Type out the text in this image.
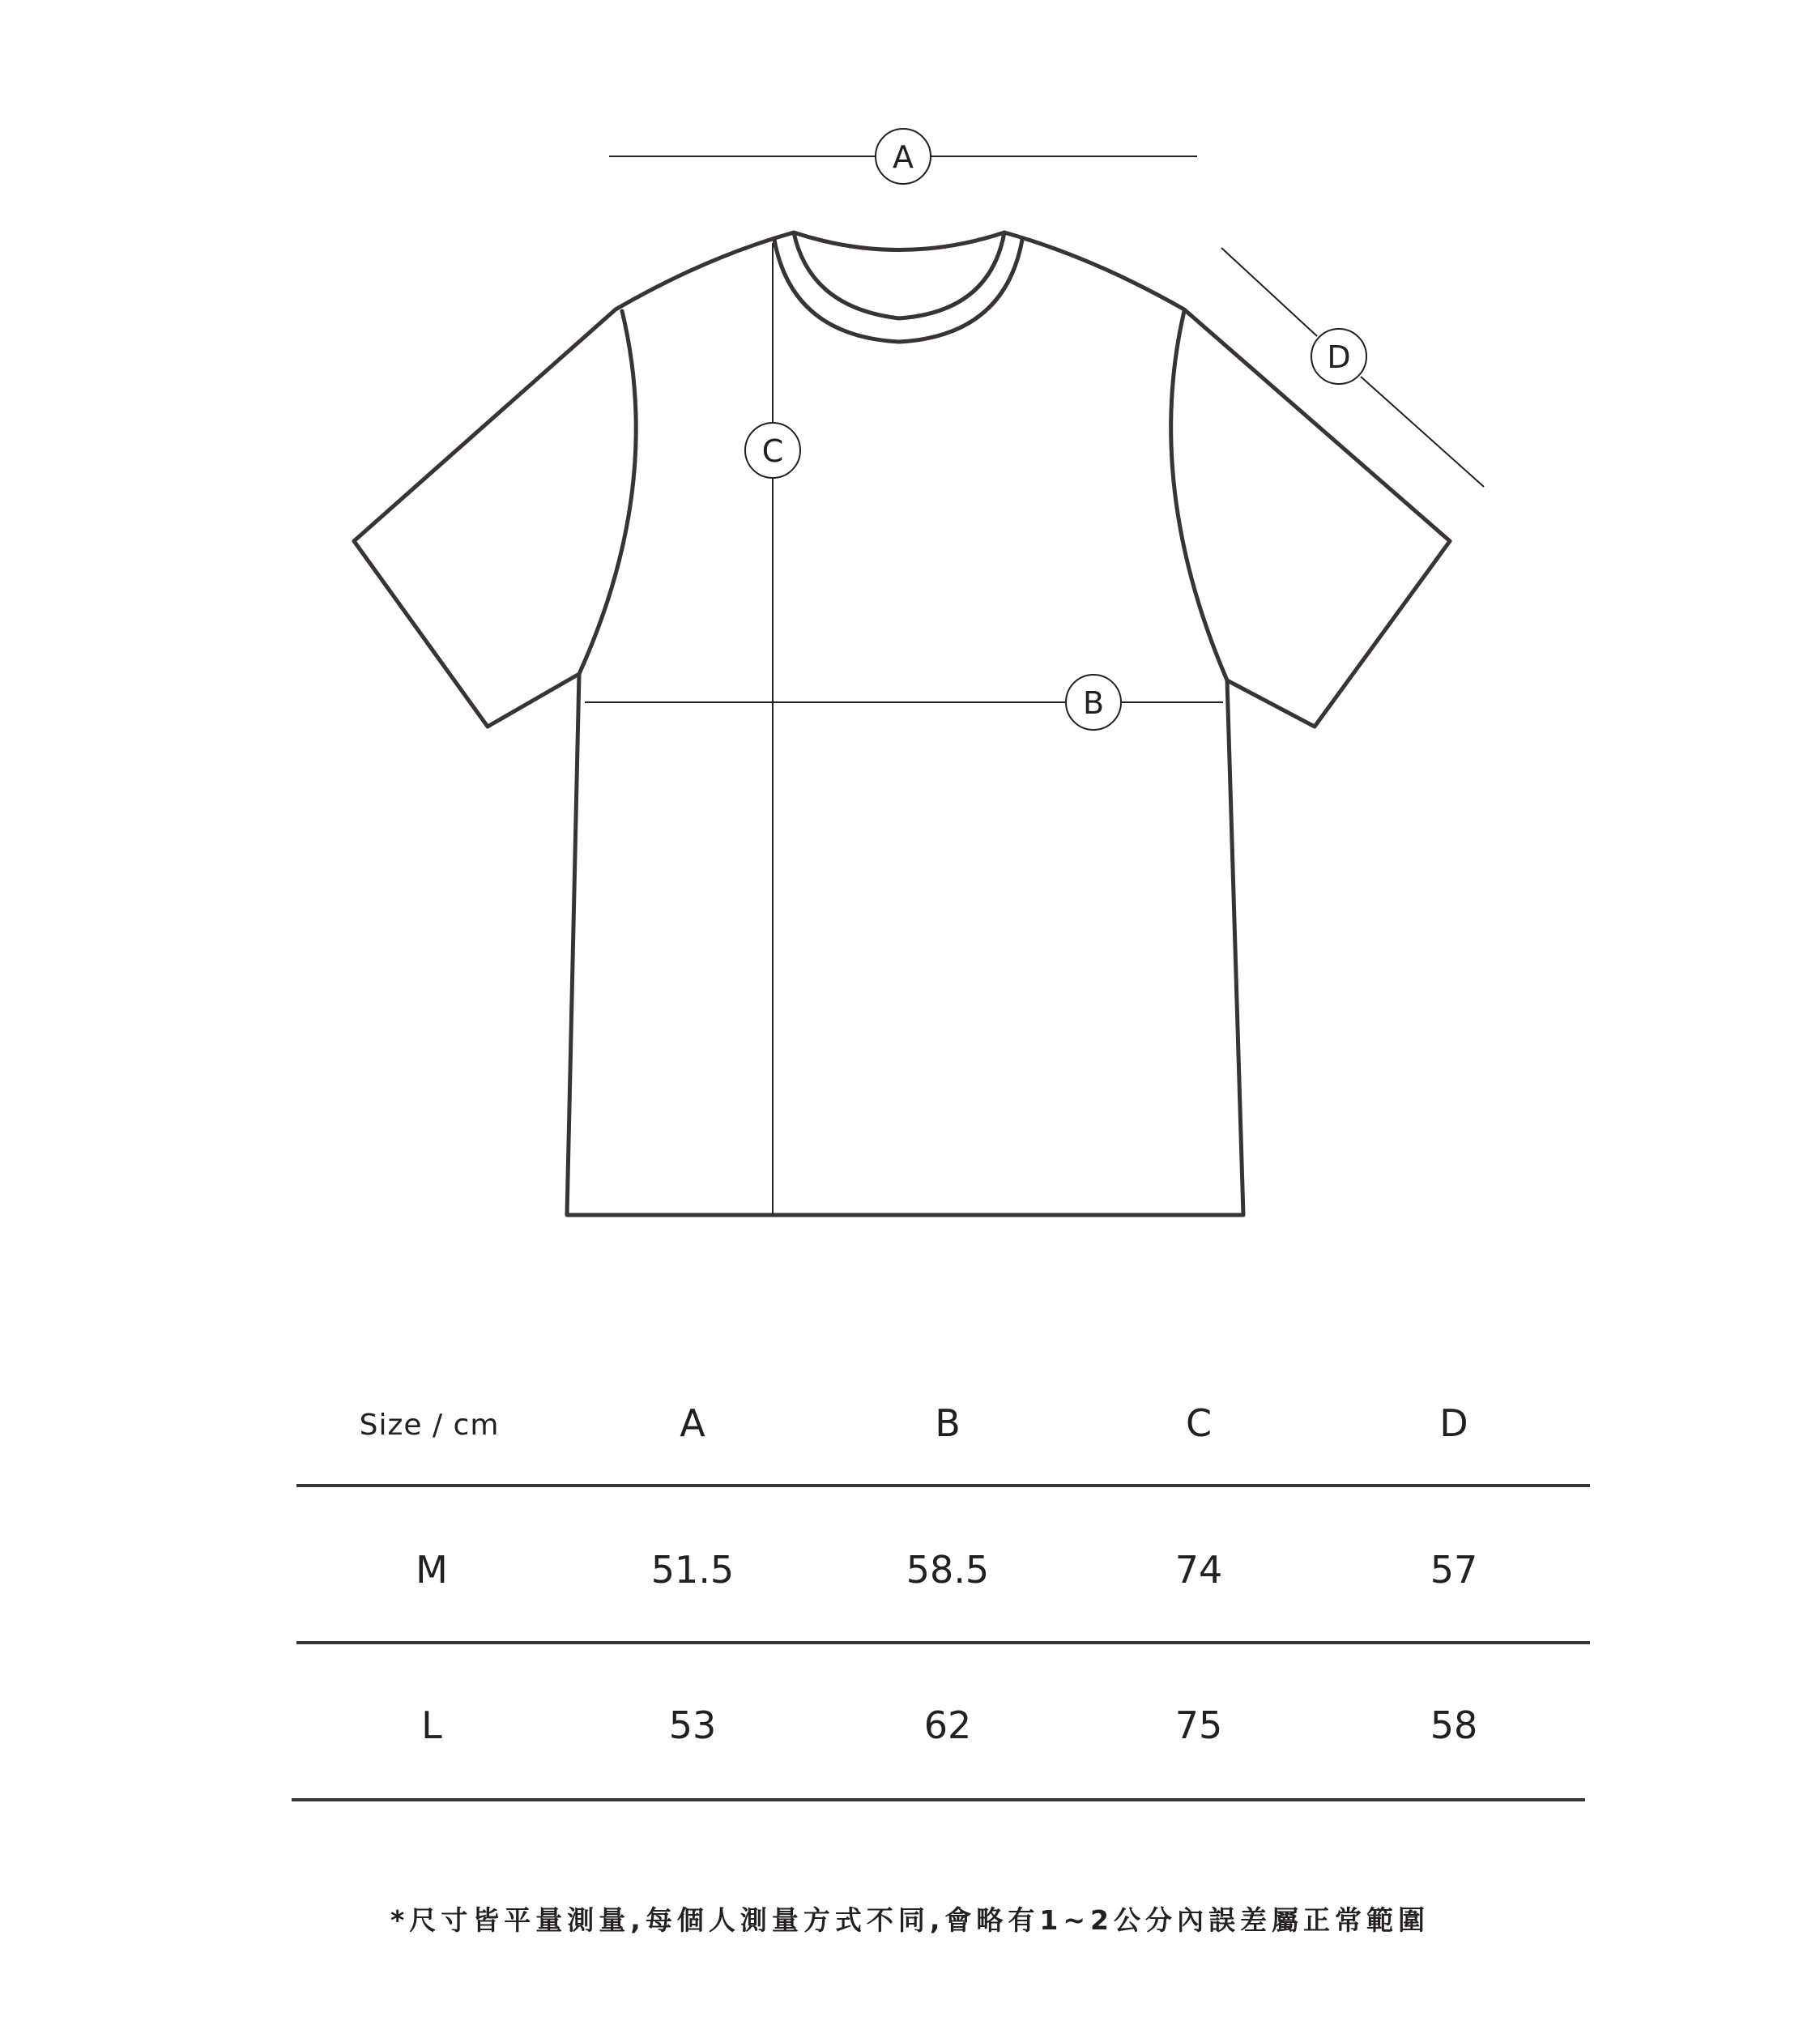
A
D
C
B
Size / cm	A	B	C	D
M	51.5	58.5	74	57
L	53	62	75	58
*尺寸皆平量測量,每個人測量方式不同,會略有1~2公分內誤差屬正常範圍
